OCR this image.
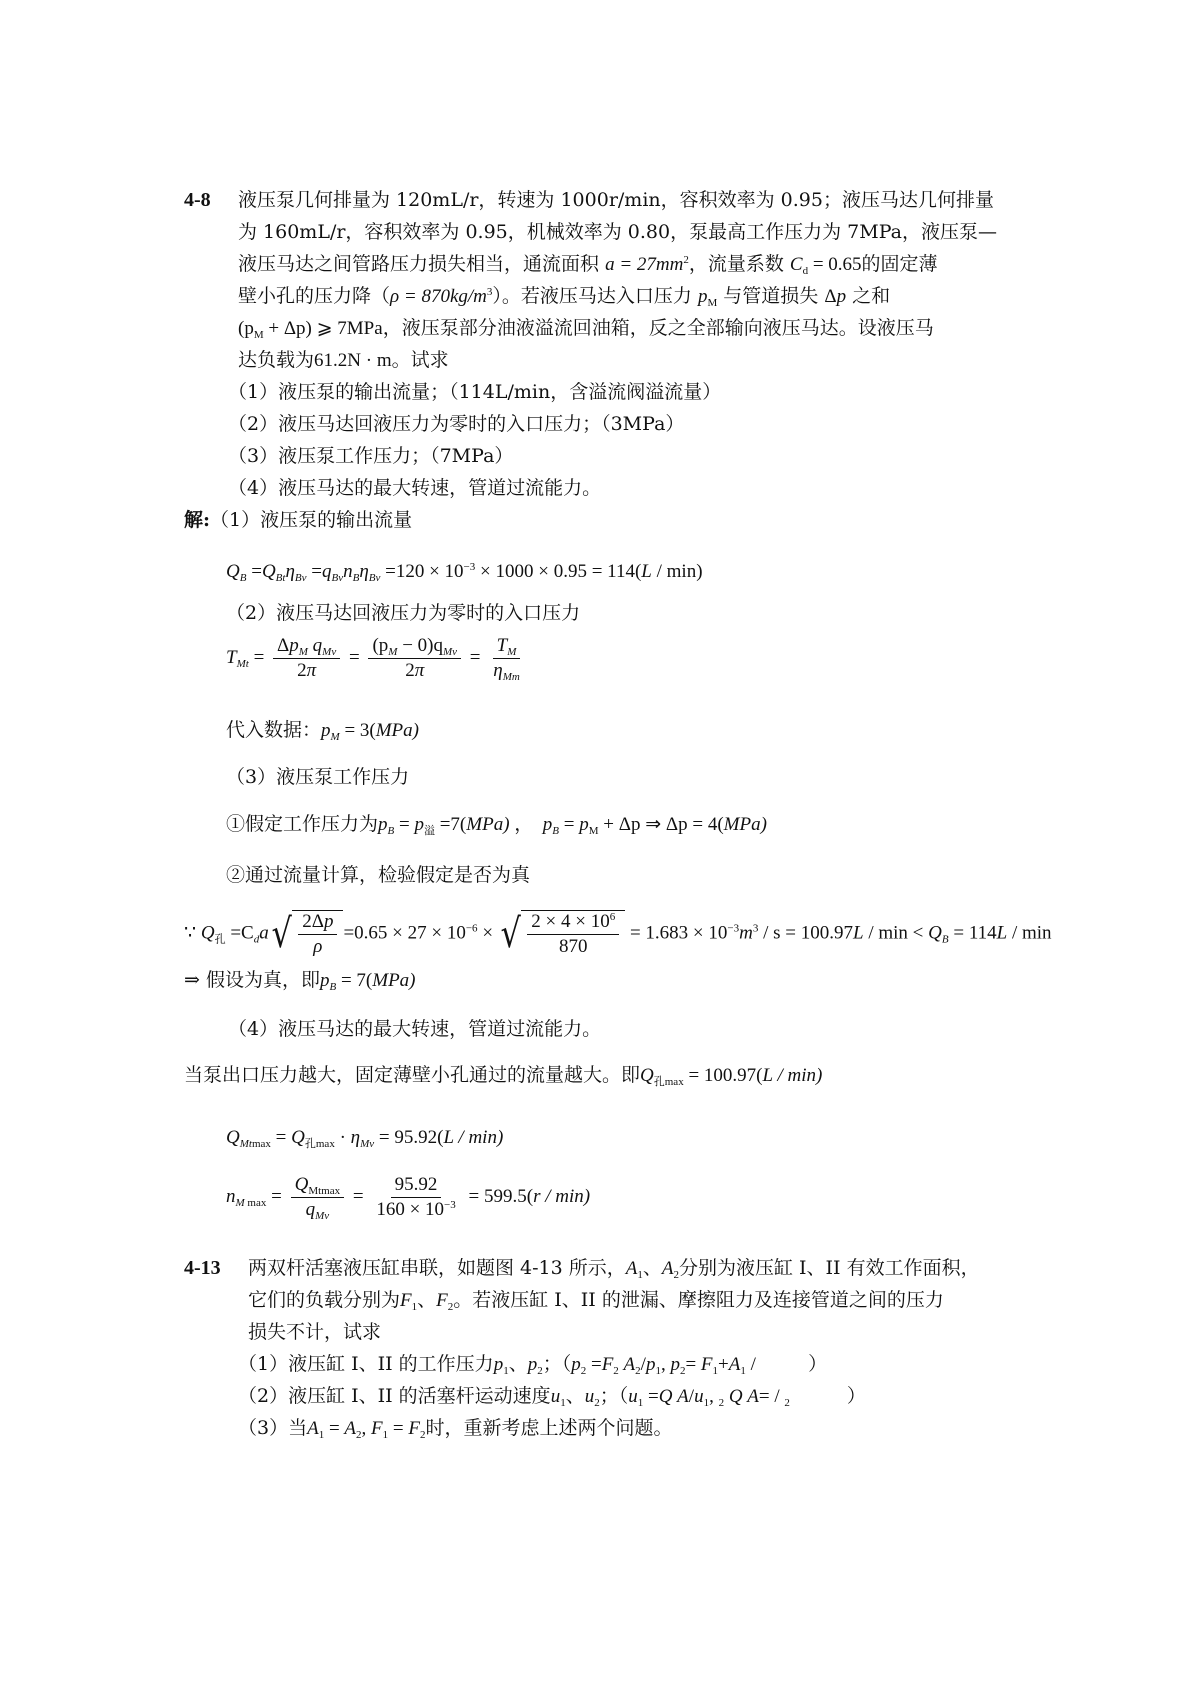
4-8 液压泵几何排量为 120mL/r，转速为 1000r/min，容积效率为 0.95；液压马达几何排量
为 160mL/r，容积效率为 0.95，机械效率为 0.80，泵最高工作压力为 7MPa，液压泵—
液压马达之间管路压力损失相当，通流面积 $a = 27mm^2$，流量系数 $C_d = 0.65$的固定薄
壁小孔的压力降$(\rho = 870kg/m^3)$。若液压马达入口压力 $p_M$ 与管道损失 Δp 之和
$(p_M + \Delta p)$ ⩾ 7MPa，液压泵部分油液溢流回油箱，反之全部输向液压马达。设液压马
达负载为61.2N · m。试求
（1）液压泵的输出流量；（114L/min，含溢流阀溢流量）
（2）液压马达回液压力为零时的入口压力；（3MPa）
（3）液压泵工作压力；（7MPa）
（4）液压马达的最大转速，管道过流能力。
解:（1）液压泵的输出流量
$Q_B =Q_{Bt}\eta_{Bv} =q_{Bv}n_B\eta_{Bv} =120 \times 10^{-3} \times 1000 \times 0.95 = 114(L / \min)$
（2）液压马达回液压力为零时的入口压力
$T_{Mt} = \frac{\Delta p_M q_{Mv}}{2\pi} = \frac{(p_M - 0)q_{Mv}}{2\pi} = \frac{T_M}{\eta_{Mm}}$
代入数据：$p_M = 3(MPa)$
（3）液压泵工作压力
①假定工作压力为$p_B = p_溢 =7(MPa)$ ，  $p_B = p_M + \Delta p$ ⇒ Δp = 4(MPa)
②通过流量计算，检验假定是否为真
∵ $Q_孔 =C_da$ √ $\frac{2\Delta p}{\rho} =0.65 \times 27 \times 10^{-6}$ × √ $\frac{2 \times 4 \times 10^6}{870} = 1.683 \times 10^{-3}m^3 / s = 100.97L / \min < Q_B = 114L / \min$
⇒ 假设为真，即$p_B = 7(MPa)$
（4）液压马达的最大转速，管道过流能力。
当泵出口压力越大，固定薄壁小孔通过的流量越大。即$Q_{孔max} = 100.97(L / \min)$
$Q_{Mtmax} = Q_{孔max} \cdot \eta_{Mv} = 95.92(L / \min)$
$n_{M max} = \frac{Q_{Mtmax}}{q_{Mv}} = \frac{95.92}{160 \times 10^{-3}} = 599.5(r / \min)$
4-13 两双杆活塞液压缸串联，如题图 4-13 所示，$A_1$、$A_2$分别为液压缸 I、II 有效工作面积，
它们的负载分别为$F_1$、$F_2$。若液压缸 I、II 的泄漏、摩擦阻力及连接管道之间的压力
损失不计，试求
（1）液压缸 I、II 的工作压力$p_1$、$p_2$；（$p_2 =F_2$ $A_2/p_1$, $p_2= F_1+A_1$ /           ）
（2）液压缸 I、II 的活塞杆运动速度$u_1$、$u_2$；（$u_1 =Q$ $A/u_1$, $_2$ Q A= / $_2$	）
（3）当$A_1 = A_2$, $F_1 = F_2$时，重新考虑上述两个问题。
